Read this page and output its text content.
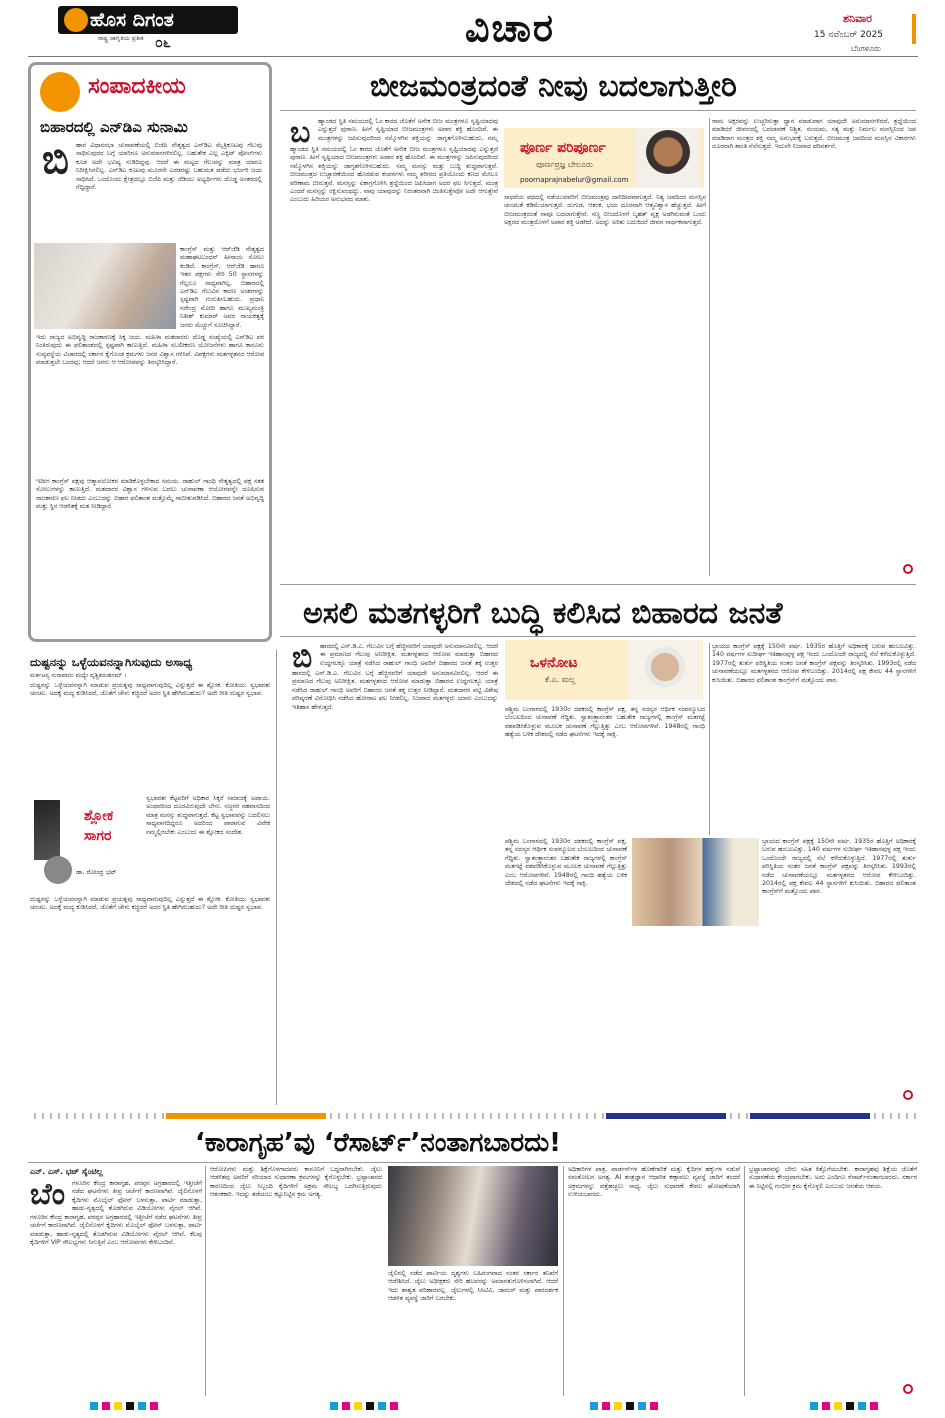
ಹೊಸ ದಿಗಂತ
ರಾಷ್ಟ್ರ ಜಾಗೃತಿಯ ಪ್ರತೀಕ ೦೬	ವಿಚಾರ	ಶನಿವಾರ
15 ನವೆಂಬರ್ 2025
ಬೆಂಗಳೂರು
ಸಂಪಾದಕೀಯ
ಬಿಹಾರದಲ್ಲಿ ಎನ್‌ಡಿಎ ಸುನಾಮಿ
ಬಿ ಹಾರ ವಿಧಾನಸಭಾ ಚುನಾವಣೆಯಲ್ಲಿ ಬಿಜೆಪಿ ನೇತೃತ್ವದ ಎನ್‌ಡಿಎ ಮೈತ್ರಿಕೂಟವು ಗೆಲುವು ಸಾಧಿಸುವುದರ ಬಗ್ಗೆ ಯಾರಿಗೂ ಅನುಮಾನಗಳಿರಲಿಲ್ಲ. ಬಹುತೇಕ ಎಲ್ಲ ಎಕ್ಸಿಟ್ ಪೋಲ್‌ಗಳು ಕೂಡ ಅದೇ ಭವಿಷ್ಯ ನುಡಿದಿದ್ದವು. ಆದರೆ ಈ ಮಟ್ಟದ ಗೆಲುವನ್ನು ಮಾತ್ರ ಯಾರೂ ನಿರೀಕ್ಷಿಸಿರಲಿಲ್ಲ. ಎನ್‌ಡಿಎ ಕೂಟವು ಮೂರನೇ ಎರಡರಷ್ಟು ಬಹುಮತ ಪಡೆದು ಭರ್ಜರಿ ಜಯ ಸಾಧಿಸಿದೆ. ಒಂದೊಂದು ಕ್ಷೇತ್ರದಲ್ಲೂ ಬಿಜೆಪಿ ಮತ್ತು ಜೆಡಿಯು ಅಭ್ಯರ್ಥಿಗಳು ದೊಡ್ಡ ಅಂತರದಲ್ಲಿ ಗೆದ್ದಿದ್ದಾರೆ.
ಕಾಂಗ್ರೆಸ್ ಮತ್ತು ಆರ್‌ಜೆಡಿ ನೇತೃತ್ವದ ಮಹಾಘಟಬಂಧನ್ ಹೀನಾಯ ಸೋಲು ಕಂಡಿದೆ. ಕಾಂಗ್ರೆಸ್, ಆರ್‌ಜೆಡಿ ಹಾಗೂ ಇತರ ಪಕ್ಷಗಳು ಸೇರಿ 50 ಸ್ಥಾನಗಳನ್ನು ಗೆಲ್ಲಲೂ ಸಾಧ್ಯವಾಗಿಲ್ಲ. ಬಿಹಾರದಲ್ಲಿ ಎನ್‌ಡಿಎ ಗೆಲುವಿನ ಕಾರಣ ಅಂಶಗಳನ್ನು ಸ್ಪಷ್ಟವಾಗಿ ಗುರುತಿಸಬಹುದು. ಪ್ರಧಾನಿ ನರೇಂದ್ರ ಮೋದಿ ಹಾಗೂ ಮುಖ್ಯಮಂತ್ರಿ ನಿತೀಶ್ ಕುಮಾರ್ ಅವರ ನಾಯಕತ್ವಕ್ಕೆ ಜನರು ಮೆಚ್ಚುಗೆ ಸೂಚಿಸಿದ್ದಾರೆ.
ಇದು ರಾಜ್ಯದ ಅಭಿವೃದ್ಧಿ ರಾಜಕಾರಣಕ್ಕೆ ಸಿಕ್ಕ ಜಯ. ಮಹಿಳಾ ಮತದಾರರು ದೊಡ್ಡ ಸಂಖ್ಯೆಯಲ್ಲಿ ಎನ್‌ಡಿಎ ಪರ ನಿಂತಿರುವುದು ಈ ಫಲಿತಾಂಶದಲ್ಲಿ ಸ್ಪಷ್ಟವಾಗಿ ಕಾಣುತ್ತಿದೆ. ಮಹಿಳಾ ಸಬಲೀಕರಣ ಯೋಜನೆಗಳು ಹಾಗೂ ಕಾನೂನು ಸುವ್ಯವಸ್ಥೆಯ ವಿಚಾರದಲ್ಲಿ ಸರ್ಕಾರ ಕೈಗೊಂಡ ಕ್ರಮಗಳು ಜನರ ವಿಶ್ವಾಸ ಗಳಿಸಿವೆ. ವಿಪಕ್ಷಗಳು ಮತಗಳ್ಳತನದ ಆರೋಪ ಮಾಡುತ್ತಲೇ ಬಂದವು; ಆದರೆ ಜನರು ಆ ಆರೋಪವನ್ನು ತಿರಸ್ಕರಿಸಿದ್ದಾರೆ.
ಇದೀಗ ಕಾಂಗ್ರೆಸ್ ಪಕ್ಷವು ಆತ್ಮಾವಲೋಕನ ಮಾಡಿಕೊಳ್ಳಬೇಕಾದ ಸಮಯ. ರಾಹುಲ್ ಗಾಂಧಿ ನೇತೃತ್ವದಲ್ಲಿ ಪಕ್ಷ ಸತತ ಸೋಲುಗಳನ್ನು ಕಾಣುತ್ತಿದೆ. ಮತದಾರರ ವಿಶ್ವಾಸ ಗಳಿಸುವ ಬದಲು ಚುನಾವಣಾ ಆಯೋಗವನ್ನೇ ದೂಷಿಸುವ ರಾಜಕಾರಣ ಫಲ ನೀಡದು ಎಂಬುದನ್ನು ಬಿಹಾರ ಫಲಿತಾಂಶ ಮತ್ತೊಮ್ಮೆ ಸಾಬೀತುಪಡಿಸಿದೆ. ಬಿಹಾರದ ಜನತೆ ಅಭಿವೃದ್ಧಿ ಮತ್ತು ಸ್ಥಿರ ಆಡಳಿತಕ್ಕೆ ಮತ ನೀಡಿದ್ದಾರೆ.
ಬೀಜಮಂತ್ರದಂತೆ ನೀವು ಬದಲಾಗುತ್ತೀರಿ
ಬ ಹ್ಮಾಂಡದ ಸ್ಥಿತಿ ಸಮಯದಲ್ಲಿ ಓಂ ಕಾರದ ಜೊತೆಗೆ ಅನೇಕ ಬೀಜ ಮಂತ್ರಗಳೂ ಸೃಷ್ಟಿಯಾದವು ಎನ್ನುತ್ತದೆ ಪುರಾಣ. ಹೀಗೆ ಸೃಷ್ಟಿಯಾದ ಬೀಜಮಂತ್ರಗಳು ಅಪಾರ ಶಕ್ತಿ ಹೊಂದಿವೆ. ಈ ಮಂತ್ರಗಳನ್ನು ಜಪಿಸುವುದರಿಂದ ನಮ್ಮೊಳಗಿನ ಶಕ್ತಿಯನ್ನು ಜಾಗೃತಗೊಳಿಸಬಹುದು. ನಮ್ಮ
ಹ್ಮಾಂಡದ ಸ್ಥಿತಿ ಸಮಯದಲ್ಲಿ ಓಂ ಕಾರದ ಜೊತೆಗೆ ಅನೇಕ ಬೀಜ ಮಂತ್ರಗಳೂ ಸೃಷ್ಟಿಯಾದವು ಎನ್ನುತ್ತದೆ ಪುರಾಣ. ಹೀಗೆ ಸೃಷ್ಟಿಯಾದ ಬೀಜಮಂತ್ರಗಳು ಅಪಾರ ಶಕ್ತಿ ಹೊಂದಿವೆ. ಈ ಮಂತ್ರಗಳನ್ನು ಜಪಿಸುವುದರಿಂದ ನಮ್ಮೊಳಗಿನ ಶಕ್ತಿಯನ್ನು ಜಾಗೃತಗೊಳಿಸಬಹುದು. ನಮ್ಮ ಮನಸ್ಸು ಮತ್ತು ಬುದ್ಧಿ ಶುದ್ಧವಾಗುತ್ತವೆ. ಬೀಜಮಂತ್ರದ ಉಚ್ಚಾರಣೆಯಿಂದ ಹೊರಡುವ ಕಂಪನಗಳು ನಮ್ಮ ಶರೀರದ ಪ್ರತಿಯೊಂದು ಕಣದ ಮೇಲೂ ಪರಿಣಾಮ ಬೀರುತ್ತವೆ. ಮನಸ್ಸನ್ನು ಏಕಾಗ್ರಗೊಳಿಸಿ ಶ್ರದ್ಧೆಯಿಂದ ಜಪಿಸಿದಾಗ ಅದರ ಫಲ ಸಿಗುತ್ತದೆ. ಮಂತ್ರ ಎಂದರೆ ಮನಸ್ಸನ್ನು ರಕ್ಷಿಸುವಂಥದ್ದು. ನಾವು ಯಾವುದನ್ನು ನಿರಂತರವಾಗಿ ಚಿಂತಿಸುತ್ತೇವೋ ಅದೇ ಆಗುತ್ತೇವೆ ಎಂಬುದು ಹಿರಿಯರ ಅನುಭವದ ಮಾತು.
ಪೂರ್ಣ ಪರಿಪೂರ್ಣ
ಪೂರ್ಣಪ್ರಜ್ಞ ಬೇಲೂರು
poornaprajnabelur@gmail.com
ಸಾಧನೆಯ ಪಥದಲ್ಲಿ ನಡೆಯುವವರಿಗೆ ಬೀಜಮಂತ್ರವು ದಾರಿದೀಪವಾಗುತ್ತದೆ. ನಿತ್ಯ ಜಪದಿಂದ ಮನಸ್ಸಿನ ಚಂಚಲತೆ ಕಡಿಮೆಯಾಗುತ್ತದೆ. ದುಗುಡ, ಆತಂಕ, ಭಯ ದೂರವಾಗಿ ಆತ್ಮವಿಶ್ವಾಸ ಹೆಚ್ಚುತ್ತದೆ. ಹೀಗೆ ಬೀಜಮಂತ್ರದಂತೆ ನಾವೂ ಬದಲಾಗುತ್ತೇವೆ. ಸಣ್ಣ ಬೀಜದೊಳಗೆ ಬೃಹತ್ ವೃಕ್ಷ ಅಡಗಿರುವಂತೆ ಒಂದು ಅಕ್ಷರದ ಮಂತ್ರದೊಳಗೆ ಅಪಾರ ಶಕ್ತಿ ಅಡಗಿದೆ. ಅದನ್ನು ಅರಿತು ಬದುಕಿದರೆ ಜೀವನ ಸಾರ್ಥಕವಾಗುತ್ತದೆ.
ರಾಮ ಅಕ್ಷರವನ್ನು ಉಚ್ಚರಿಸುತ್ತಾ ಧ್ಯಾನ ಮಾಡುವಾಗ ಯಾವುದೇ ಅನುಮಾನಗಳಿರದೆ, ಶ್ರದ್ಧೆಯಿಂದ ಮಾಡಿದರೆ ಜೀವನದಲ್ಲಿ ಬದಲಾವಣೆ ನಿಶ್ಚಿತ. ಸಂಯಮ, ಸತ್ಯ ಮತ್ತು ನಿರ್ಮಲ ಮನಸ್ಸಿನಿಂದ ಜಪ ಮಾಡಿದಾಗ ಮಂತ್ರದ ಶಕ್ತಿ ನಮ್ಮ ಅನುಭವಕ್ಕೆ ಬರುತ್ತದೆ. ಬೀಜಮಂತ್ರ ಜಪದಿಂದ ಮನಸ್ಸಿನ ವಿಕಾರಗಳು ದೂರವಾಗಿ ಶಾಂತಿ ನೆಲೆಸುತ್ತದೆ. ಇದುವೇ ನಿಜವಾದ ಪರಿವರ್ತನೆ.
ಅಸಲಿ ಮತಗಳ್ಳರಿಗೆ ಬುದ್ಧಿ ಕಲಿಸಿದ ಬಿಹಾರದ ಜನತೆ
ಬಿ ಹಾರದಲ್ಲಿ ಎನ್.ಡಿ.ಎ. ಗೆಲುವಿನ ಬಗ್ಗೆ ಹೆಚ್ಚಿನವರಿಗೆ ಯಾವುದೇ ಅನುಮಾನವಿರಲಿಲ್ಲ. ಆದರೆ ಈ ಪ್ರಮಾಣದ ಗೆಲುವು ಅನಿರೀಕ್ಷಿತ. ಮತಗಳ್ಳತನದ ಆರೋಪ ಮಾಡುತ್ತಾ ಬಿಹಾರದ ಉದ್ದಗಲಕ್ಕೂ ಯಾತ್ರೆ ನಡೆಸಿದ ರಾಹುಲ್ ಗಾಂಧಿ ಅವರಿಗೆ ಬಿಹಾರದ ಜನತೆ ತಕ್ಕ ಉತ್ತರ
ಹಾರದಲ್ಲಿ ಎನ್.ಡಿ.ಎ. ಗೆಲುವಿನ ಬಗ್ಗೆ ಹೆಚ್ಚಿನವರಿಗೆ ಯಾವುದೇ ಅನುಮಾನವಿರಲಿಲ್ಲ. ಆದರೆ ಈ ಪ್ರಮಾಣದ ಗೆಲುವು ಅನಿರೀಕ್ಷಿತ. ಮತಗಳ್ಳತನದ ಆರೋಪ ಮಾಡುತ್ತಾ ಬಿಹಾರದ ಉದ್ದಗಲಕ್ಕೂ ಯಾತ್ರೆ ನಡೆಸಿದ ರಾಹುಲ್ ಗಾಂಧಿ ಅವರಿಗೆ ಬಿಹಾರದ ಜನತೆ ತಕ್ಕ ಉತ್ತರ ನೀಡಿದ್ದಾರೆ. ಮತದಾರರ ಪಟ್ಟಿ ವಿಶೇಷ ಪರಿಷ್ಕರಣೆ ವಿರೋಧಿಸಿ ನಡೆಸಿದ ಹೋರಾಟ ಫಲ ನೀಡಲಿಲ್ಲ. ನಿಜವಾದ ಮತಗಳ್ಳರು ಯಾರು ಎಂಬುದನ್ನು ಇತಿಹಾಸ ಹೇಳುತ್ತದೆ.
ಒಳನೋಟ
ಕೆ.ಎ. ಮಲ್ಲ
ಪಶ್ಚಿಮ ಬಂಗಾಳದಲ್ಲಿ 1930ರ ದಶಕದಲ್ಲಿ ಕಾಂಗ್ರೆಸ್ ಪಕ್ಷ, ತನ್ನ ಸದಸ್ಯರ ಆರ್ಥಿಕ ಸಂಪನ್ಮೂಲದ ಬೆಂಬಲದಿಂದ ಚುನಾವಣೆ ಗೆದ್ದಿತು. ಸ್ವಾತಂತ್ರ್ಯಾನಂತರ ಬಹುತೇಕ ರಾಜ್ಯಗಳಲ್ಲಿ ಕಾಂಗ್ರೆಸ್ ಮತಗಟ್ಟೆ ವಶಪಡಿಸಿಕೊಳ್ಳುವ ಮೂಲಕ ಚುನಾವಣೆ ಗೆಲ್ಲುತ್ತಿತ್ತು ಎಂಬ ಆರೋಪಗಳಿವೆ. 1948ರಲ್ಲಿ ಗಾಂಧಿ ಹತ್ಯೆಯ ಬಳಿಕ ದೇಶದಲ್ಲಿ ನಡೆದ ಘಟನೆಗಳು ಇದಕ್ಕೆ ಸಾಕ್ಷಿ.
ಪಶ್ಚಿಮ ಬಂಗಾಳದಲ್ಲಿ 1930ರ ದಶಕದಲ್ಲಿ ಕಾಂಗ್ರೆಸ್ ಪಕ್ಷ, ತನ್ನ ಸದಸ್ಯರ ಆರ್ಥಿಕ ಸಂಪನ್ಮೂಲದ ಬೆಂಬಲದಿಂದ ಚುನಾವಣೆ ಗೆದ್ದಿತು. ಸ್ವಾತಂತ್ರ್ಯಾನಂತರ ಬಹುತೇಕ ರಾಜ್ಯಗಳಲ್ಲಿ ಕಾಂಗ್ರೆಸ್ ಮತಗಟ್ಟೆ ವಶಪಡಿಸಿಕೊಳ್ಳುವ ಮೂಲಕ ಚುನಾವಣೆ ಗೆಲ್ಲುತ್ತಿತ್ತು ಎಂಬ ಆರೋಪಗಳಿವೆ. 1948ರಲ್ಲಿ ಗಾಂಧಿ ಹತ್ಯೆಯ ಬಳಿಕ ದೇಶದಲ್ಲಿ ನಡೆದ ಘಟನೆಗಳು ಇದಕ್ಕೆ ಸಾಕ್ಷಿ.
ಭ್ರಾಯದ ಕಾಂಗ್ರೆಸ್ ಪಕ್ಷಕ್ಕೆ 150ನೇ ವರ್ಷ. 1935ರ ಹೊತ್ತಿಗೆ ಅಧಿಕಾರಕ್ಕೆ ಬರುವ ಹಂಬಲವಿತ್ತು. 140 ವರ್ಷಗಳ ಸುದೀರ್ಘ ಇತಿಹಾಸವುಳ್ಳ ಪಕ್ಷ ಇಂದು ಒಂದೊಂದೇ ರಾಜ್ಯದಲ್ಲಿ ನೆಲೆ ಕಳೆದುಕೊಳ್ಳುತ್ತಿದೆ. 1977ರಲ್ಲಿ ತುರ್ತು ಪರಿಸ್ಥಿತಿಯ ನಂತರ ಜನತೆ ಕಾಂಗ್ರೆಸ್ ಪಕ್ಷವನ್ನು ತಿರಸ್ಕರಿಸಿತು. 1993ರಲ್ಲಿ ನಡೆದ ಚುನಾವಣೆಯಲ್ಲೂ ಮತಗಳ್ಳತನದ ಆರೋಪ ಕೇಳಿಬಂದಿತ್ತು. 2014ರಲ್ಲಿ ಪಕ್ಷ ಕೇವಲ 44 ಸ್ಥಾನಗಳಿಗೆ ಕುಸಿಯಿತು. ಬಿಹಾರದ ಫಲಿತಾಂಶ ಕಾಂಗ್ರೆಸ್‌ಗೆ ಮತ್ತೊಂದು ಪಾಠ.
ಭ್ರಾಯದ ಕಾಂಗ್ರೆಸ್ ಪಕ್ಷಕ್ಕೆ 150ನೇ ವರ್ಷ. 1935ರ ಹೊತ್ತಿಗೆ ಅಧಿಕಾರಕ್ಕೆ ಬರುವ ಹಂಬಲವಿತ್ತು. 140 ವರ್ಷಗಳ ಸುದೀರ್ಘ ಇತಿಹಾಸವುಳ್ಳ ಪಕ್ಷ ಇಂದು ಒಂದೊಂದೇ ರಾಜ್ಯದಲ್ಲಿ ನೆಲೆ ಕಳೆದುಕೊಳ್ಳುತ್ತಿದೆ. 1977ರಲ್ಲಿ ತುರ್ತು ಪರಿಸ್ಥಿತಿಯ ನಂತರ ಜನತೆ ಕಾಂಗ್ರೆಸ್ ಪಕ್ಷವನ್ನು ತಿರಸ್ಕರಿಸಿತು. 1993ರಲ್ಲಿ ನಡೆದ ಚುನಾವಣೆಯಲ್ಲೂ ಮತಗಳ್ಳತನದ ಆರೋಪ ಕೇಳಿಬಂದಿತ್ತು. 2014ರಲ್ಲಿ ಪಕ್ಷ ಕೇವಲ 44 ಸ್ಥಾನಗಳಿಗೆ ಕುಸಿಯಿತು. ಬಿಹಾರದ ಫಲಿತಾಂಶ ಕಾಂಗ್ರೆಸ್‌ಗೆ ಮತ್ತೊಂದು ಪಾಠ.
ದುಷ್ಟನನ್ನು ಒಳ್ಳೆಯವನನ್ನಾಗಿಸುವುದು ಅಸಾಧ್ಯ
ಮರ್ಕಟಸ್ಯ ಸುರಾಪಾನಂ ಮಧ್ಯೇ ವೃಶ್ಚಿಕದಂಶನಮ್ ।
ದುಷ್ಟನನ್ನು ಒಳ್ಳೆಯವನನ್ನಾಗಿ ಮಾಡುವ ಪ್ರಯತ್ನವು ಸಾಧ್ಯವಾಗುವುದಿಲ್ಲ ಎನ್ನುತ್ತದೆ ಈ ಶ್ಲೋಕ. ಕೋತಿಯು ಸ್ವಭಾವತಃ ಚಂಚಲ. ಅದಕ್ಕೆ ಮದ್ಯ ಕುಡಿಸಿದರೆ, ಜೊತೆಗೆ ಚೇಳು ಕಚ್ಚಿದರೆ ಅದರ ಸ್ಥಿತಿ ಹೇಗಿರಬಹುದು? ಅದೇ ರೀತಿ ದುಷ್ಟರ ಸ್ವಭಾವ.
ಶ್ಲೋಕ
ಸಾಗರ
ಡಾ. ರೋಂದ್ರ ಭಟ್
ಸ್ವಭಾವತಃ ಕೆಟ್ಟವರಿಗೆ ಅಧಿಕಾರ ಸಿಕ್ಕರೆ ಸಮಾಜಕ್ಕೆ ಅಪಾಯ. ಅಂಥವರಿಂದ ದೂರವಿರುವುದೇ ಲೇಸು. ಸಜ್ಜನರ ಸಹವಾಸದಿಂದ ಮಾತ್ರ ಮನಸ್ಸು ಶುದ್ಧವಾಗುತ್ತದೆ. ಕೆಟ್ಟ ಸ್ವಭಾವವನ್ನು ಬದಲಿಸಲು ಸಾಧ್ಯವಾಗದಿದ್ದರೂ ಅದರಿಂದ ಪಾರಾಗುವ ವಿವೇಕ ನಮ್ಮಲ್ಲಿರಬೇಕು ಎಂಬುದು ಈ ಶ್ಲೋಕದ ಸಂದೇಶ.
ದುಷ್ಟನನ್ನು ಒಳ್ಳೆಯವನನ್ನಾಗಿ ಮಾಡುವ ಪ್ರಯತ್ನವು ಸಾಧ್ಯವಾಗುವುದಿಲ್ಲ ಎನ್ನುತ್ತದೆ ಈ ಶ್ಲೋಕ. ಕೋತಿಯು ಸ್ವಭಾವತಃ ಚಂಚಲ. ಅದಕ್ಕೆ ಮದ್ಯ ಕುಡಿಸಿದರೆ, ಜೊತೆಗೆ ಚೇಳು ಕಚ್ಚಿದರೆ ಅದರ ಸ್ಥಿತಿ ಹೇಗಿರಬಹುದು? ಅದೇ ರೀತಿ ದುಷ್ಟರ ಸ್ವಭಾವ.
‘ಕಾರಾಗೃಹ’ವು ‘ರೆಸಾರ್ಟ್’ನಂತಾಗಬಾರದು!
ಎನ್. ಎಸ್. ಭಟ್ ಸೈಂಟಿಲ್ಲ
ಬೆಂ ಗಳೂರಿನ ಕೇಂದ್ರ ಕಾರಾಗೃಹ, ಪರಪ್ಪನ ಅಗ್ರಹಾರದಲ್ಲಿ ಇತ್ತೀಚೆಗೆ ನಡೆದ ಘಟನೆಗಳು ತೀವ್ರ ಚರ್ಚೆಗೆ ಕಾರಣವಾಗಿವೆ. ಜೈಲಿನೊಳಗೆ ಕೈದಿಗಳು ಮೊಬೈಲ್ ಫೋನ್ ಬಳಸುತ್ತಾ, ಪಾರ್ಟಿ ಮಾಡುತ್ತಾ, ಹಾಡು-ನೃತ್ಯದಲ್ಲಿ ತೊಡಗಿರುವ ವಿಡಿಯೋಗಳು ವೈರಲ್ ಆಗಿವೆ.
ಗಳೂರಿನ ಕೇಂದ್ರ ಕಾರಾಗೃಹ, ಪರಪ್ಪನ ಅಗ್ರಹಾರದಲ್ಲಿ ಇತ್ತೀಚೆಗೆ ನಡೆದ ಘಟನೆಗಳು ತೀವ್ರ ಚರ್ಚೆಗೆ ಕಾರಣವಾಗಿವೆ. ಜೈಲಿನೊಳಗೆ ಕೈದಿಗಳು ಮೊಬೈಲ್ ಫೋನ್ ಬಳಸುತ್ತಾ, ಪಾರ್ಟಿ ಮಾಡುತ್ತಾ, ಹಾಡು-ನೃತ್ಯದಲ್ಲಿ ತೊಡಗಿರುವ ವಿಡಿಯೋಗಳು ವೈರಲ್ ಆಗಿವೆ. ಕೆಲವು ಕೈದಿಗಳಿಗೆ VIP ಸೌಲಭ್ಯಗಳು ಸಿಗುತ್ತಿವೆ ಎಂಬ ಆರೋಪಗಳು ಕೇಳಿಬಂದಿವೆ.
ಆರೋಪಿಗಳು ಮತ್ತು ಶಿಕ್ಷೆಗೊಳಗಾದವರು ಕಾನೂನಿಗೆ ಬದ್ಧರಾಗಿರಬೇಕು. ಜೈಲು ಆಡಳಿತವು ಅವರಿಗೆ ಸರಿಯಾದ ಸುಧಾರಣಾ ಕ್ರಮಗಳನ್ನು ಕೈಗೊಳ್ಳಬೇಕು. ಭ್ರಷ್ಟಾಚಾರದ ಕಾರಣದಿಂದ ಜೈಲು ಸಿಬ್ಬಂದಿ ಕೈದಿಗಳಿಗೆ ಅಕ್ರಮ ಸೌಲಭ್ಯ ಒದಗಿಸುತ್ತಿರುವುದು ಆತಂಕಕಾರಿ. ಇದನ್ನು ತಡೆಯಲು ಕಟ್ಟುನಿಟ್ಟಿನ ಕ್ರಮ ಅಗತ್ಯ.
ಜೈಲಿನಲ್ಲಿ ನಡೆದ ಪಾರ್ಟಿಯ ದೃಶ್ಯಗಳು ಬಹಿರಂಗವಾದ ನಂತರ ಸರ್ಕಾರ ತನಿಖೆಗೆ ಆದೇಶಿಸಿದೆ. ಜೈಲು ಅಧೀಕ್ಷಕರು ಸೇರಿ ಹಲವರನ್ನು ಅಮಾನತುಗೊಳಿಸಲಾಗಿದೆ. ಆದರೆ ಇದು ಶಾಶ್ವತ ಪರಿಹಾರವಲ್ಲ. ಜೈಲುಗಳಲ್ಲಿ ಸಿಸಿಟಿವಿ, ಜಾಮರ್ ಮತ್ತು ಪಾರದರ್ಶಕ ಆಡಳಿತ ವ್ಯವಸ್ಥೆ ಜಾರಿಗೆ ಬರಬೇಕು.
ಅಧಿಕಾರಿಗಳ ಪಾತ್ರ, ವಾರ್ಡನ್‌ಗಳ ಹೊಣೆಗಾರಿಕೆ ಮತ್ತು ಕೈದಿಗಳ ಹಕ್ಕುಗಳ ನಡುವೆ ಸಮತೋಲನ ಅಗತ್ಯ. AI ತಂತ್ರಜ್ಞಾನ ಆಧಾರಿತ ಕಣ್ಗಾವಲು ವ್ಯವಸ್ಥೆ ಜಾರಿಗೆ ತಂದರೆ ಅಕ್ರಮಗಳನ್ನು ಪತ್ತೆಹಚ್ಚಲು ಸಾಧ್ಯ. ಜೈಲು ಸುಧಾರಣೆ ಕೇವಲ ಘೋಷಣೆಯಾಗಿ ಉಳಿಯಬಾರದು.
ಭ್ರಷ್ಟಾಚಾರವನ್ನು ಬೇರು ಸಹಿತ ಕಿತ್ತೊಗೆಯಬೇಕು. ಕಾರಾಗೃಹವು ಶಿಕ್ಷೆಯ ಜೊತೆಗೆ ಸುಧಾರಣೆಯ ಕೇಂದ್ರವಾಗಬೇಕು. ಅದು ಎಂದಿಗೂ ರೆಸಾರ್ಟ್‌ನಂತಾಗಬಾರದು. ಸರ್ಕಾರ ಈ ನಿಟ್ಟಿನಲ್ಲಿ ಗಂಭೀರ ಕ್ರಮ ಕೈಗೊಳ್ಳಲಿ ಎಂಬುದು ಜನತೆಯ ಆಶಯ.
